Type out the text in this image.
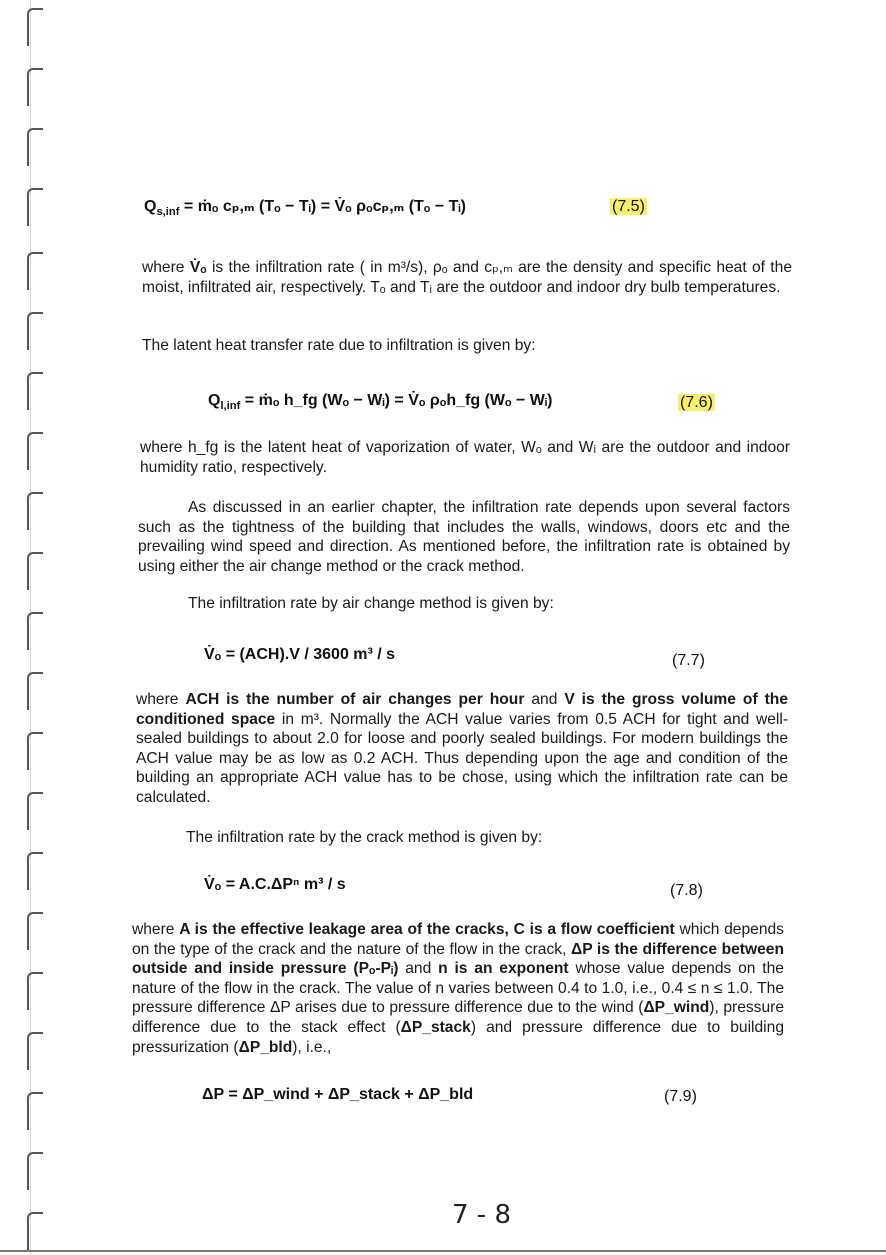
$Q_{s,inf}$ = ṁₒ cₚ,ₘ (Tₒ − Tᵢ) = V̇ₒ ρₒcₚ,ₘ (Tₒ − Tᵢ)	(7.5)

where V̇ₒ is the infiltration rate ( in m³/s), ρₒ and cₚ,ₘ are the density and specific heat of the moist, infiltrated air, respectively. Tₒ and Tᵢ are the outdoor and indoor dry bulb temperatures.

The latent heat transfer rate due to infiltration is given by:

$Q_{l,inf}$ = ṁₒ h_fg (Wₒ − Wᵢ) = V̇ₒ ρₒh_fg (Wₒ − Wᵢ)	(7.6)

where h_fg is the latent heat of vaporization of water, Wₒ and Wᵢ are the outdoor and indoor humidity ratio, respectively.

As discussed in an earlier chapter, the infiltration rate depends upon several factors such as the tightness of the building that includes the walls, windows, doors etc and the prevailing wind speed and direction. As mentioned before, the infiltration rate is obtained by using either the air change method or the crack method.

The infiltration rate by air change method is given by:

V̇ₒ = (ACH).V / 3600 m³ / s	(7.7)

where ACH is the number of air changes per hour and V is the gross volume of the conditioned space in m³. Normally the ACH value varies from 0.5 ACH for tight and well-sealed buildings to about 2.0 for loose and poorly sealed buildings. For modern buildings the ACH value may be as low as 0.2 ACH. Thus depending upon the age and condition of the building an appropriate ACH value has to be chose, using which the infiltration rate can be calculated.

The infiltration rate by the crack method is given by:

V̇ₒ = A.C.ΔPⁿ m³ / s	(7.8)

where A is the effective leakage area of the cracks, C is a flow coefficient which depends on the type of the crack and the nature of the flow in the crack, ΔP is the difference between outside and inside pressure (Pₒ-Pᵢ) and n is an exponent whose value depends on the nature of the flow in the crack. The value of n varies between 0.4 to 1.0, i.e., 0.4 ≤ n ≤ 1.0. The pressure difference ΔP arises due to pressure difference due to the wind (ΔP_wind), pressure difference due to the stack effect (ΔP_stack) and pressure difference due to building pressurization (ΔP_bld), i.e.,

ΔP = ΔP_wind + ΔP_stack + ΔP_bld	(7.9)
7 - 8
